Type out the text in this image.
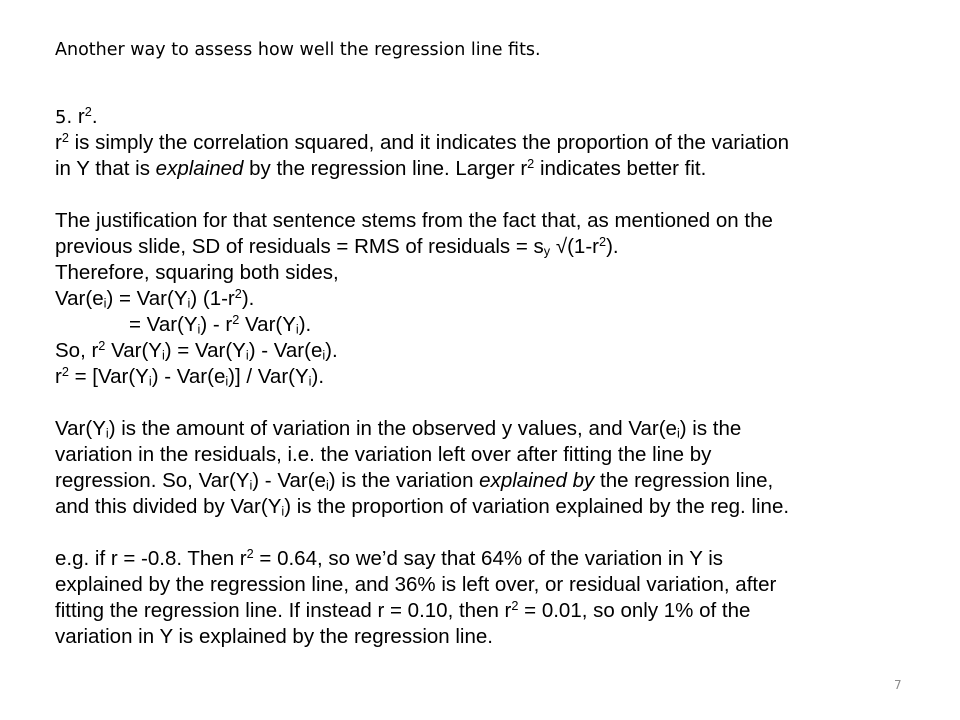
Another way to assess how well the regression line fits.
5. $r^2$.
$r^2$ is simply the correlation squared, and it indicates the proportion of the variation
in Y that is explained by the regression line. Larger $r^2$ indicates better fit.
The justification for that sentence stems from the fact that, as mentioned on the
previous slide, SD of residuals = RMS of residuals = $s_y$ $√(1-r^2)$.
Therefore, squaring both sides,
$Var(e_i) = Var(Y_i)$ $(1-r^2)$.
= $Var(Y_i) - r^2$ $Var(Y_i)$.
So, $r^2$ $Var(Y_i) = Var(Y_i) - Var(e_i)$.
$r^2 = [Var(Y_i) - Var(e_i)] / Var(Y_i)$.
$Var(Y_i)$ is the amount of variation in the observed y values, and $Var(e_i)$ is the
variation in the residuals, i.e. the variation left over after fitting the line by
regression. So, $Var(Y_i) - Var(e_i)$ is the variation explained by the regression line,
and this divided by $Var(Y_i)$ is the proportion of variation explained by the reg. line.
e.g. if r = -0.8. Then $r^2 = 0.64$, so we’d say that 64% of the variation in Y is
explained by the regression line, and 36% is left over, or residual variation, after
fitting the regression line. If instead r = 0.10, then $r^2 = 0.01$, so only 1% of the
variation in Y is explained by the regression line.
7
